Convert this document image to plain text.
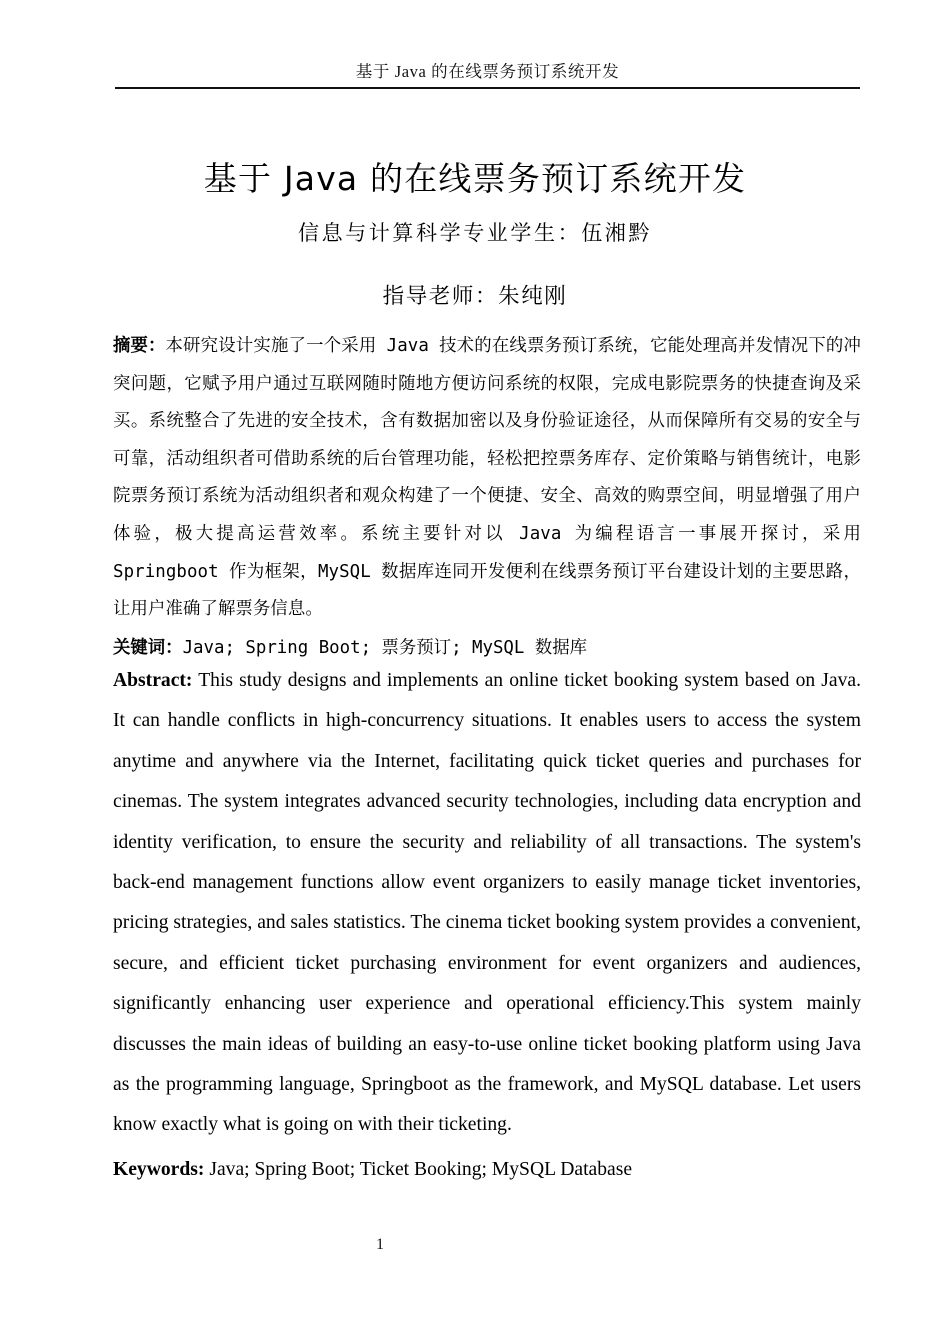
基于 Java 的在线票务预订系统开发
基于 Java 的在线票务预订系统开发
信息与计算科学专业学生：伍湘黔
指导老师：朱纯刚

摘要：本研究设计实施了一个采用 Java 技术的在线票务预订系统，它能处理高并发情况下的冲突问题，它赋予用户通过互联网随时随地方便访问系统的权限，完成电影院票务的快捷查询及采买。系统整合了先进的安全技术，含有数据加密以及身份验证途径，从而保障所有交易的安全与可靠，活动组织者可借助系统的后台管理功能，轻松把控票务库存、定价策略与销售统计，电影院票务预订系统为活动组织者和观众构建了一个便捷、安全、高效的购票空间，明显增强了用户体验，极大提高运营效率。系统主要针对以 Java 为编程语言一事展开探讨，采用 Springboot 作为框架，MySQL 数据库连同开发便利在线票务预订平台建设计划的主要思路，让用户准确了解票务信息。

关键词：Java; Spring Boot; 票务预订; MySQL 数据库

Abstract: This study designs and implements an online ticket booking system based on Java. It can handle conflicts in high-concurrency situations. It enables users to access the system anytime and anywhere via the Internet, facilitating quick ticket queries and purchases for cinemas. The system integrates advanced security technologies, including data encryption and identity verification, to ensure the security and reliability of all transactions. The system's back-end management functions allow event organizers to easily manage ticket inventories, pricing strategies, and sales statistics. The cinema ticket booking system provides a convenient, secure, and efficient ticket purchasing environment for event organizers and audiences, significantly enhancing user experience and operational efficiency.This system mainly discusses the main ideas of building an easy-to-use online ticket booking platform using Java as the programming language, Springboot as the framework, and MySQL database. Let users know exactly what is going on with their ticketing.

Keywords: Java; Spring Boot; Ticket Booking; MySQL Database

1
